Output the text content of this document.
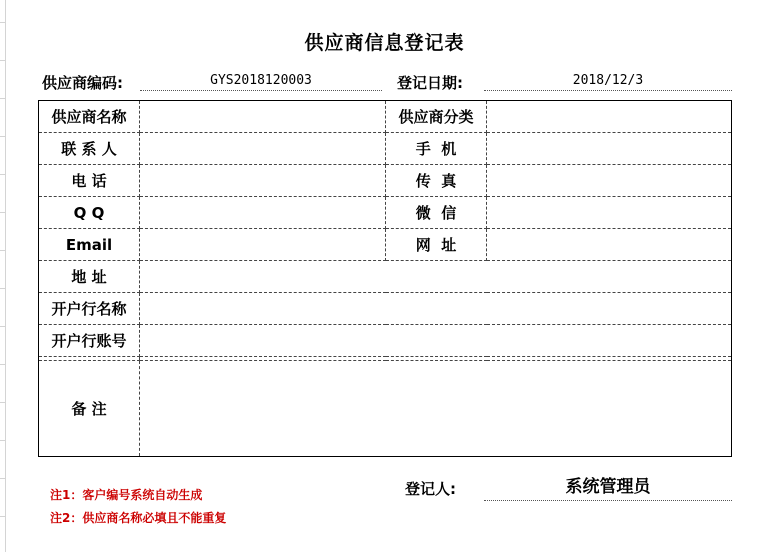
供应商信息登记表
供应商编码:	GYS2018120003	登记日期:	2018/12/3
供应商名称		供应商分类	
联 系 人		手  机	
电 话		传  真	
Q Q		微  信	
Email		网  址	
地 址			
开户行名称			
开户行账号			

备 注			
注1：客户编号系统自动生成
注2：供应商名称必填且不能重复
登记人:	系统管理员
